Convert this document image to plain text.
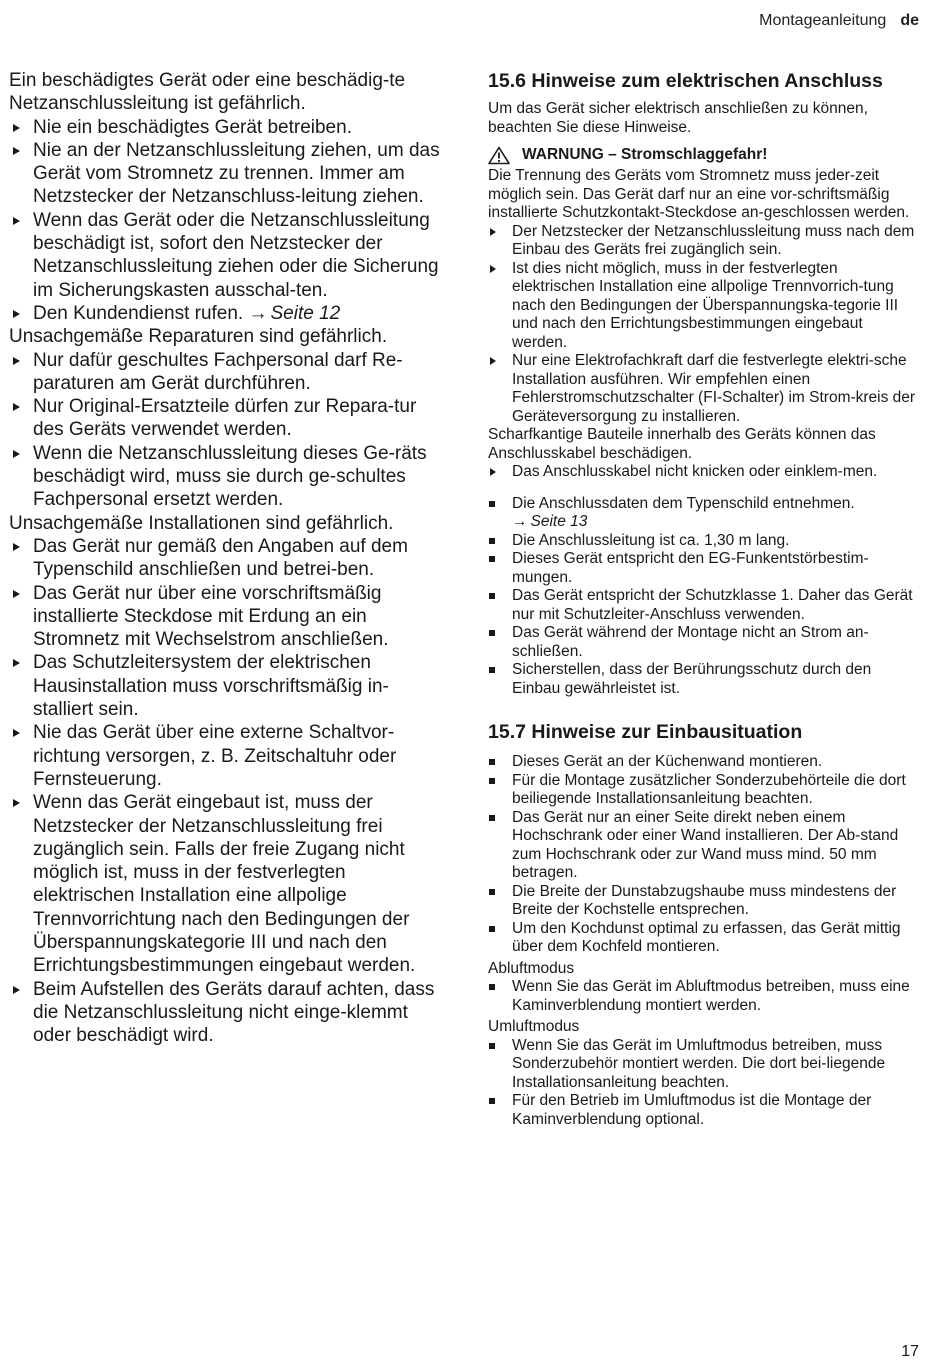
Montageanleitung de

Ein beschädigtes Gerät oder eine beschädig-te Netzanschlussleitung ist gefährlich.

Nie ein beschädigtes Gerät betreiben.
Nie an der Netzanschlussleitung ziehen, um das Gerät vom Stromnetz zu trennen. Immer am Netzstecker der Netzanschluss-leitung ziehen.
Wenn das Gerät oder die Netzanschlussleitung beschädigt ist, sofort den Netzstecker der Netzanschlussleitung ziehen oder die Sicherung im Sicherungskasten ausschal-ten.
Den Kundendienst rufen. → Seite 12

Unsachgemäße Reparaturen sind gefährlich.

Nur dafür geschultes Fachpersonal darf Re-paraturen am Gerät durchführen.
Nur Original-Ersatzteile dürfen zur Repara-tur des Geräts verwendet werden.
Wenn die Netzanschlussleitung dieses Ge-räts beschädigt wird, muss sie durch ge-schultes Fachpersonal ersetzt werden.

Unsachgemäße Installationen sind gefährlich.

Das Gerät nur gemäß den Angaben auf dem Typenschild anschließen und betrei-ben.
Das Gerät nur über eine vorschriftsmäßig installierte Steckdose mit Erdung an ein Stromnetz mit Wechselstrom anschließen.
Das Schutzleitersystem der elektrischen Hausinstallation muss vorschriftsmäßig in-stalliert sein.
Nie das Gerät über eine externe Schaltvor-richtung versorgen, z. B. Zeitschaltuhr oder Fernsteuerung.
Wenn das Gerät eingebaut ist, muss der Netzstecker der Netzanschlussleitung frei zugänglich sein. Falls der freie Zugang nicht möglich ist, muss in der festverlegten elektrischen Installation eine allpolige Trennvorrichtung nach den Bedingungen der Überspannungskategorie III und nach den Errichtungsbestimmungen eingebaut werden.
Beim Aufstellen des Geräts darauf achten, dass die Netzanschlussleitung nicht einge-klemmt oder beschädigt wird.
15.6 Hinweise zum elektrischen Anschluss

Um das Gerät sicher elektrisch anschließen zu können, beachten Sie diese Hinweise.

WARNUNG – Stromschlaggefahr!

Die Trennung des Geräts vom Stromnetz muss jeder-zeit möglich sein. Das Gerät darf nur an eine vor-schriftsmäßig installierte Schutzkontakt-Steckdose an-geschlossen werden.

Der Netzstecker der Netzanschlussleitung muss nach dem Einbau des Geräts frei zugänglich sein.
Ist dies nicht möglich, muss in der festverlegten elektrischen Installation eine allpolige Trennvorrich-tung nach den Bedingungen der Überspannungska-tegorie III und nach den Errichtungsbestimmungen eingebaut werden.
Nur eine Elektrofachkraft darf die festverlegte elektri-sche Installation ausführen. Wir empfehlen einen Fehlerstromschutzschalter (FI-Schalter) im Strom-kreis der Geräteversorgung zu installieren.

Scharfkantige Bauteile innerhalb des Geräts können das Anschlusskabel beschädigen.

Das Anschlusskabel nicht knicken oder einklem-men.
Die Anschlussdaten dem Typenschild entnehmen.
→ Seite 13
Die Anschlussleitung ist ca. 1,30 m lang.
Dieses Gerät entspricht den EG-Funkentstörbestim-mungen.
Das Gerät entspricht der Schutzklasse 1. Daher das Gerät nur mit Schutzleiter-Anschluss verwenden.
Das Gerät während der Montage nicht an Strom an-schließen.
Sicherstellen, dass der Berührungsschutz durch den Einbau gewährleistet ist.
15.7 Hinweise zur Einbausituation
Dieses Gerät an der Küchenwand montieren.
Für die Montage zusätzlicher Sonderzubehörteile die dort beiliegende Installationsanleitung beachten.
Das Gerät nur an einer Seite direkt neben einem Hochschrank oder einer Wand installieren. Der Ab-stand zum Hochschrank oder zur Wand muss mind. 50 mm betragen.
Die Breite der Dunstabzugshaube muss mindestens der Breite der Kochstelle entsprechen.
Um den Kochdunst optimal zu erfassen, das Gerät mittig über dem Kochfeld montieren.

Abluftmodus

Wenn Sie das Gerät im Abluftmodus betreiben, muss eine Kaminverblendung montiert werden.

Umluftmodus

Wenn Sie das Gerät im Umluftmodus betreiben, muss Sonderzubehör montiert werden. Die dort bei-liegende Installationsanleitung beachten.
Für den Betrieb im Umluftmodus ist die Montage der Kaminverblendung optional.
17
